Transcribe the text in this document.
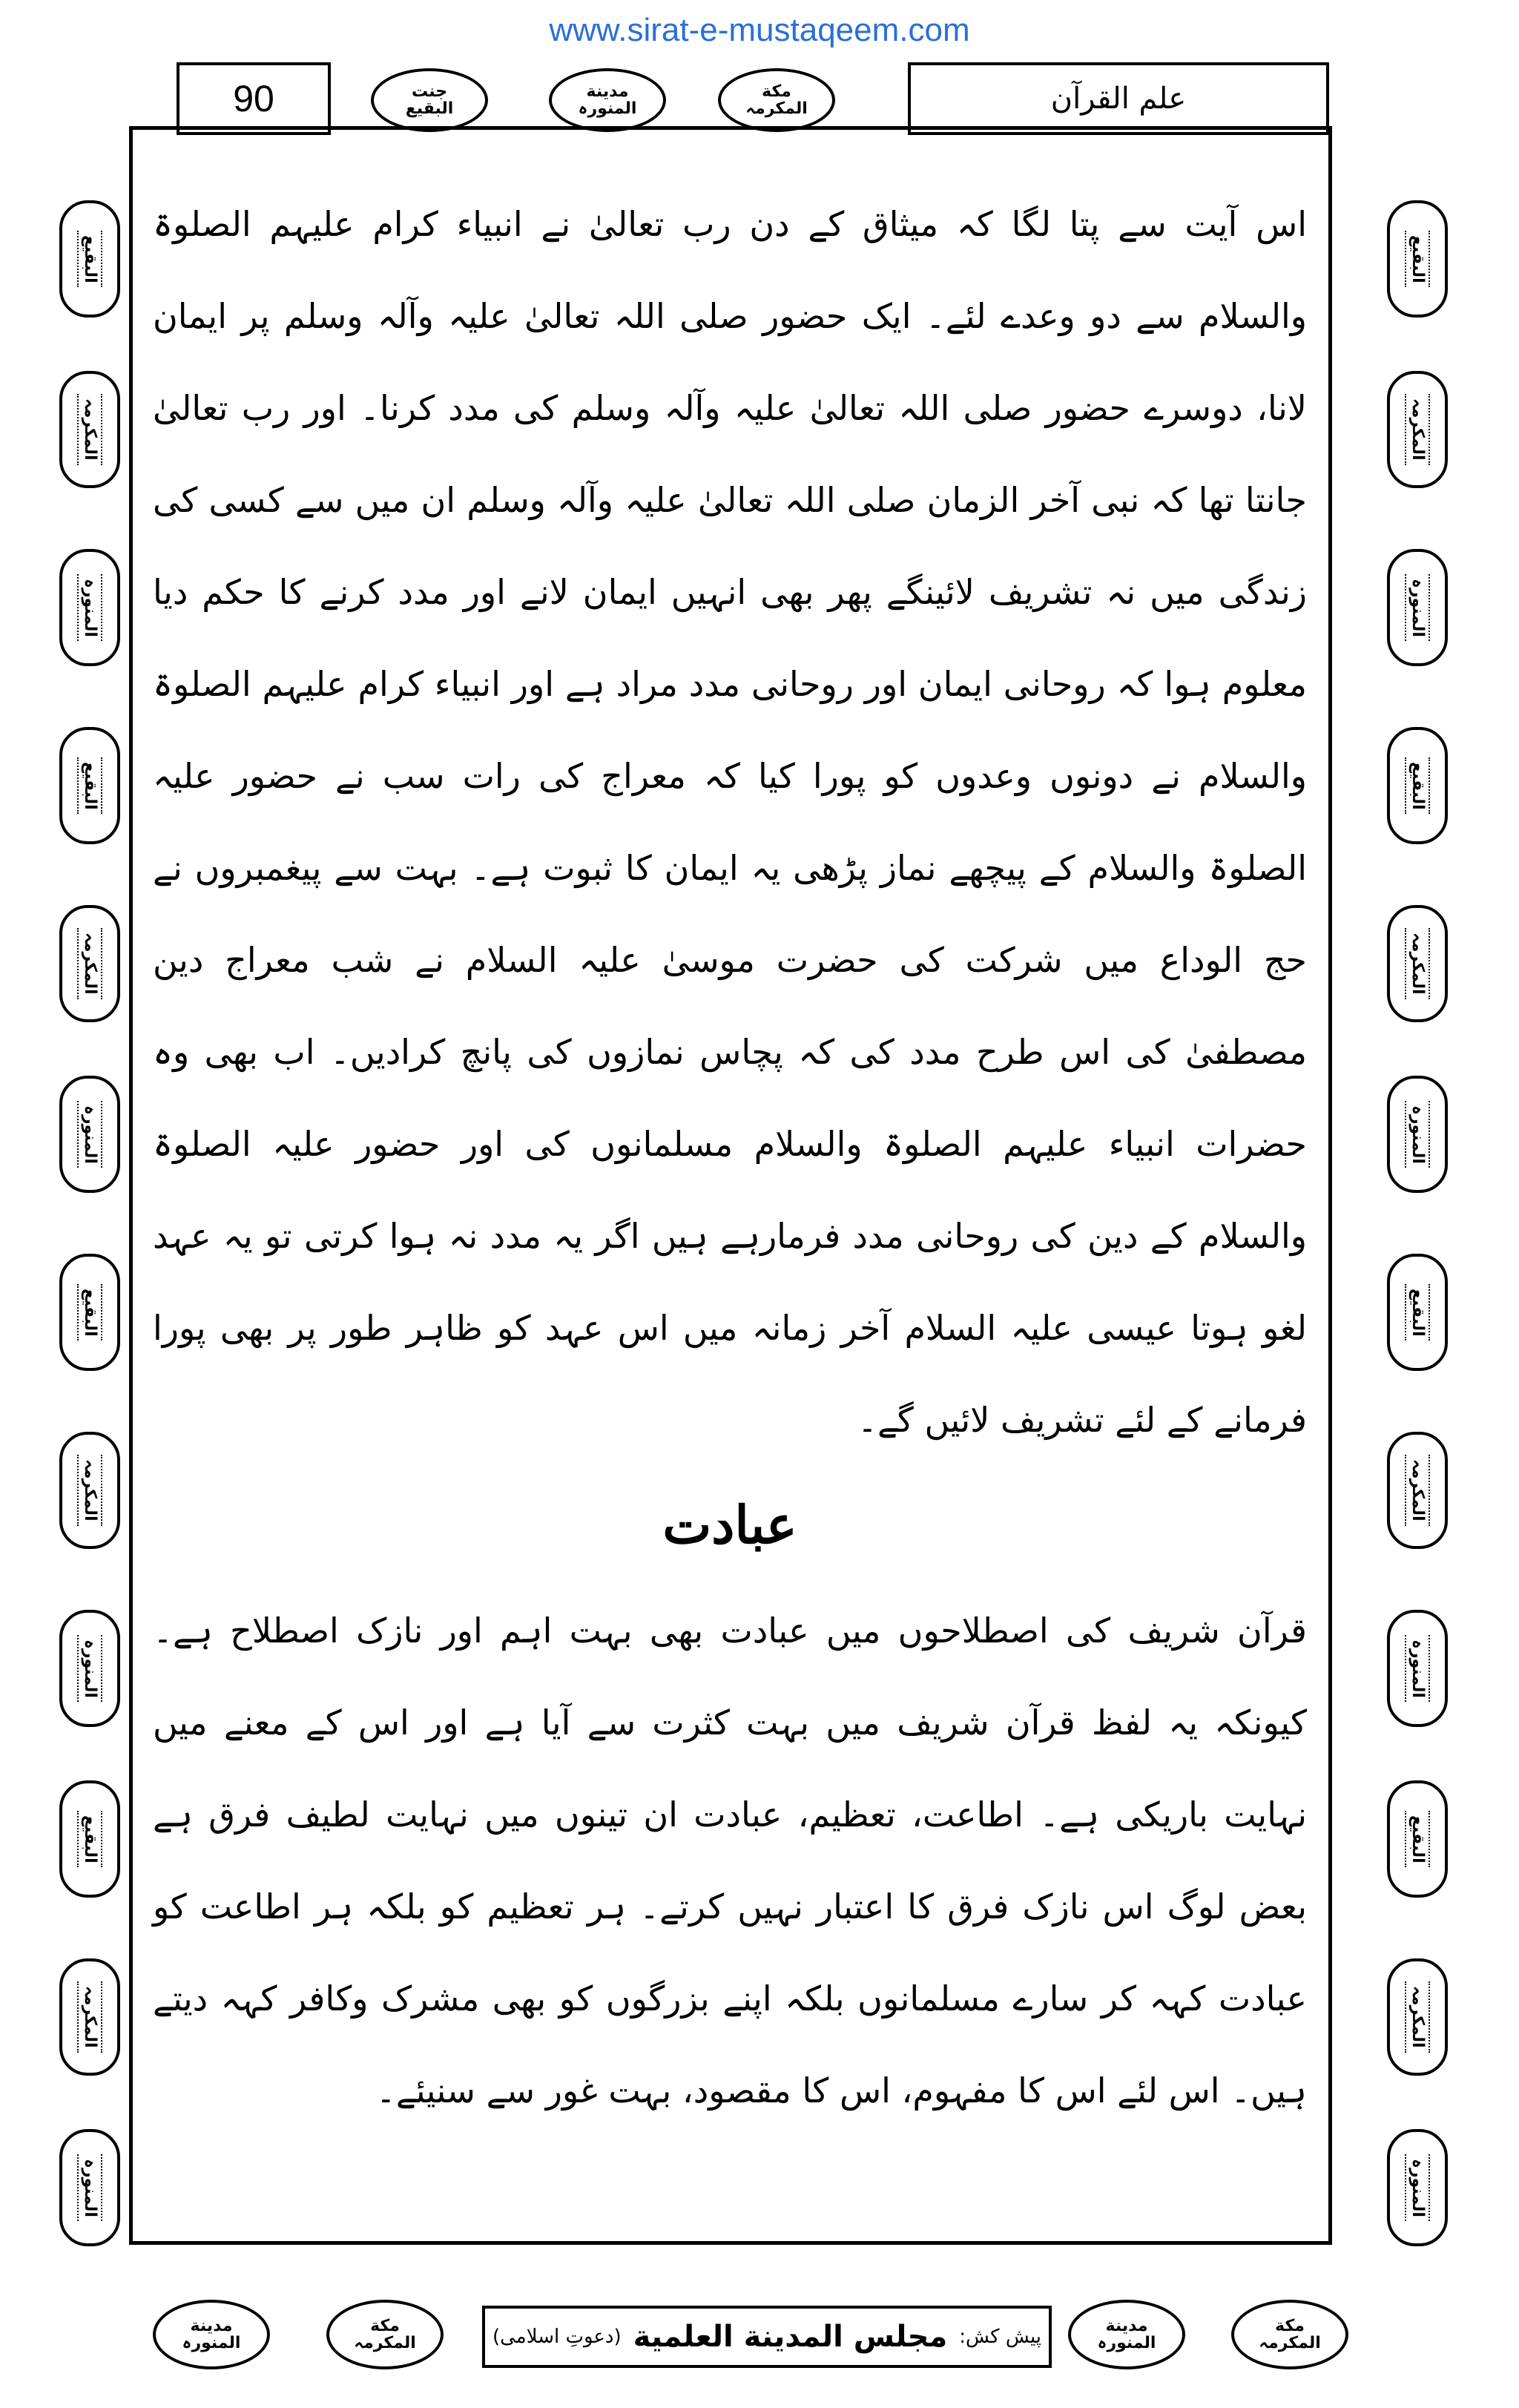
www.sirat-e-mustaqeem.com
90	جنت
البقیع
مدینة
المنورہ
مکة
المکرمہ	علم القرآن
البقیع
المکرمہ
المنورہ
البقیع
المکرمہ
المنورہ
البقیع
المکرمہ
المنورہ
البقیع
المکرمہ
المنورہ
البقیع
المکرمہ
المنورہ
البقیع
المکرمہ
المنورہ
البقیع
المکرمہ
المنورہ
البقیع
المکرمہ
المنورہ

اس آیت سے پتا لگا کہ میثاق کے دن رب تعالیٰ نے انبیاء کرام علیہم الصلوۃ والسلام سے دو وعدے لئے۔ ایک حضور صلی اللہ تعالیٰ علیہ وآلہ وسلم پر ایمان لانا، دوسرے حضور صلی اللہ تعالیٰ علیہ وآلہ وسلم کی مدد کرنا۔ اور رب تعالیٰ جانتا تھا کہ نبی آخر الزمان صلی اللہ تعالیٰ علیہ وآلہ وسلم ان میں سے کسی کی زندگی میں نہ تشریف لائینگے پھر بھی انہیں ایمان لانے اور مدد کرنے کا حکم دیا معلوم ہوا کہ روحانی ایمان اور روحانی مدد مراد ہے اور انبیاء کرام علیہم الصلوۃ والسلام نے دونوں وعدوں کو پورا کیا کہ معراج کی رات سب نے حضور علیہ الصلوۃ والسلام کے پیچھے نماز پڑھی یہ ایمان کا ثبوت ہے۔ بہت سے پیغمبروں نے حج الوداع میں شرکت کی حضرت موسیٰ علیہ السلام نے شب معراج دین مصطفیٰ کی اس طرح مدد کی کہ پچاس نمازوں کی پانچ کرادیں۔ اب بھی وہ حضرات انبیاء علیہم الصلوۃ والسلام مسلمانوں کی اور حضور علیہ الصلوۃ والسلام کے دین کی روحانی مدد فرمارہے ہیں اگر یہ مدد نہ ہوا کرتی تو یہ عہد لغو ہوتا عیسی علیہ السلام آخر زمانہ میں اس عہد کو ظاہر طور پر بھی پورا فرمانے کے لئے تشریف لائیں گے۔

عبادت

قرآن شریف کی اصطلاحوں میں عبادت بھی بہت اہم اور نازک اصطلاح ہے۔ کیونکہ یہ لفظ قرآن شریف میں بہت کثرت سے آیا ہے اور اس کے معنے میں نہایت باریکی ہے۔ اطاعت، تعظیم، عبادت ان تینوں میں نہایت لطیف فرق ہے بعض لوگ اس نازک فرق کا اعتبار نہیں کرتے۔ ہر تعظیم کو بلکہ ہر اطاعت کو عبادت کہہ کر سارے مسلمانوں بلکہ اپنے بزرگوں کو بھی مشرک وکافر کہہ دیتے ہیں۔ اس لئے اس کا مفہوم، اس کا مقصود، بہت غور سے سنیئے۔

مدینة
المنورہ
مکة
المکرمہ	پیش کش:
مجلس المدینة العلمیة
(دعوتِ اسلامی)	مدینة
المنورہ
مکة
المکرمہ
